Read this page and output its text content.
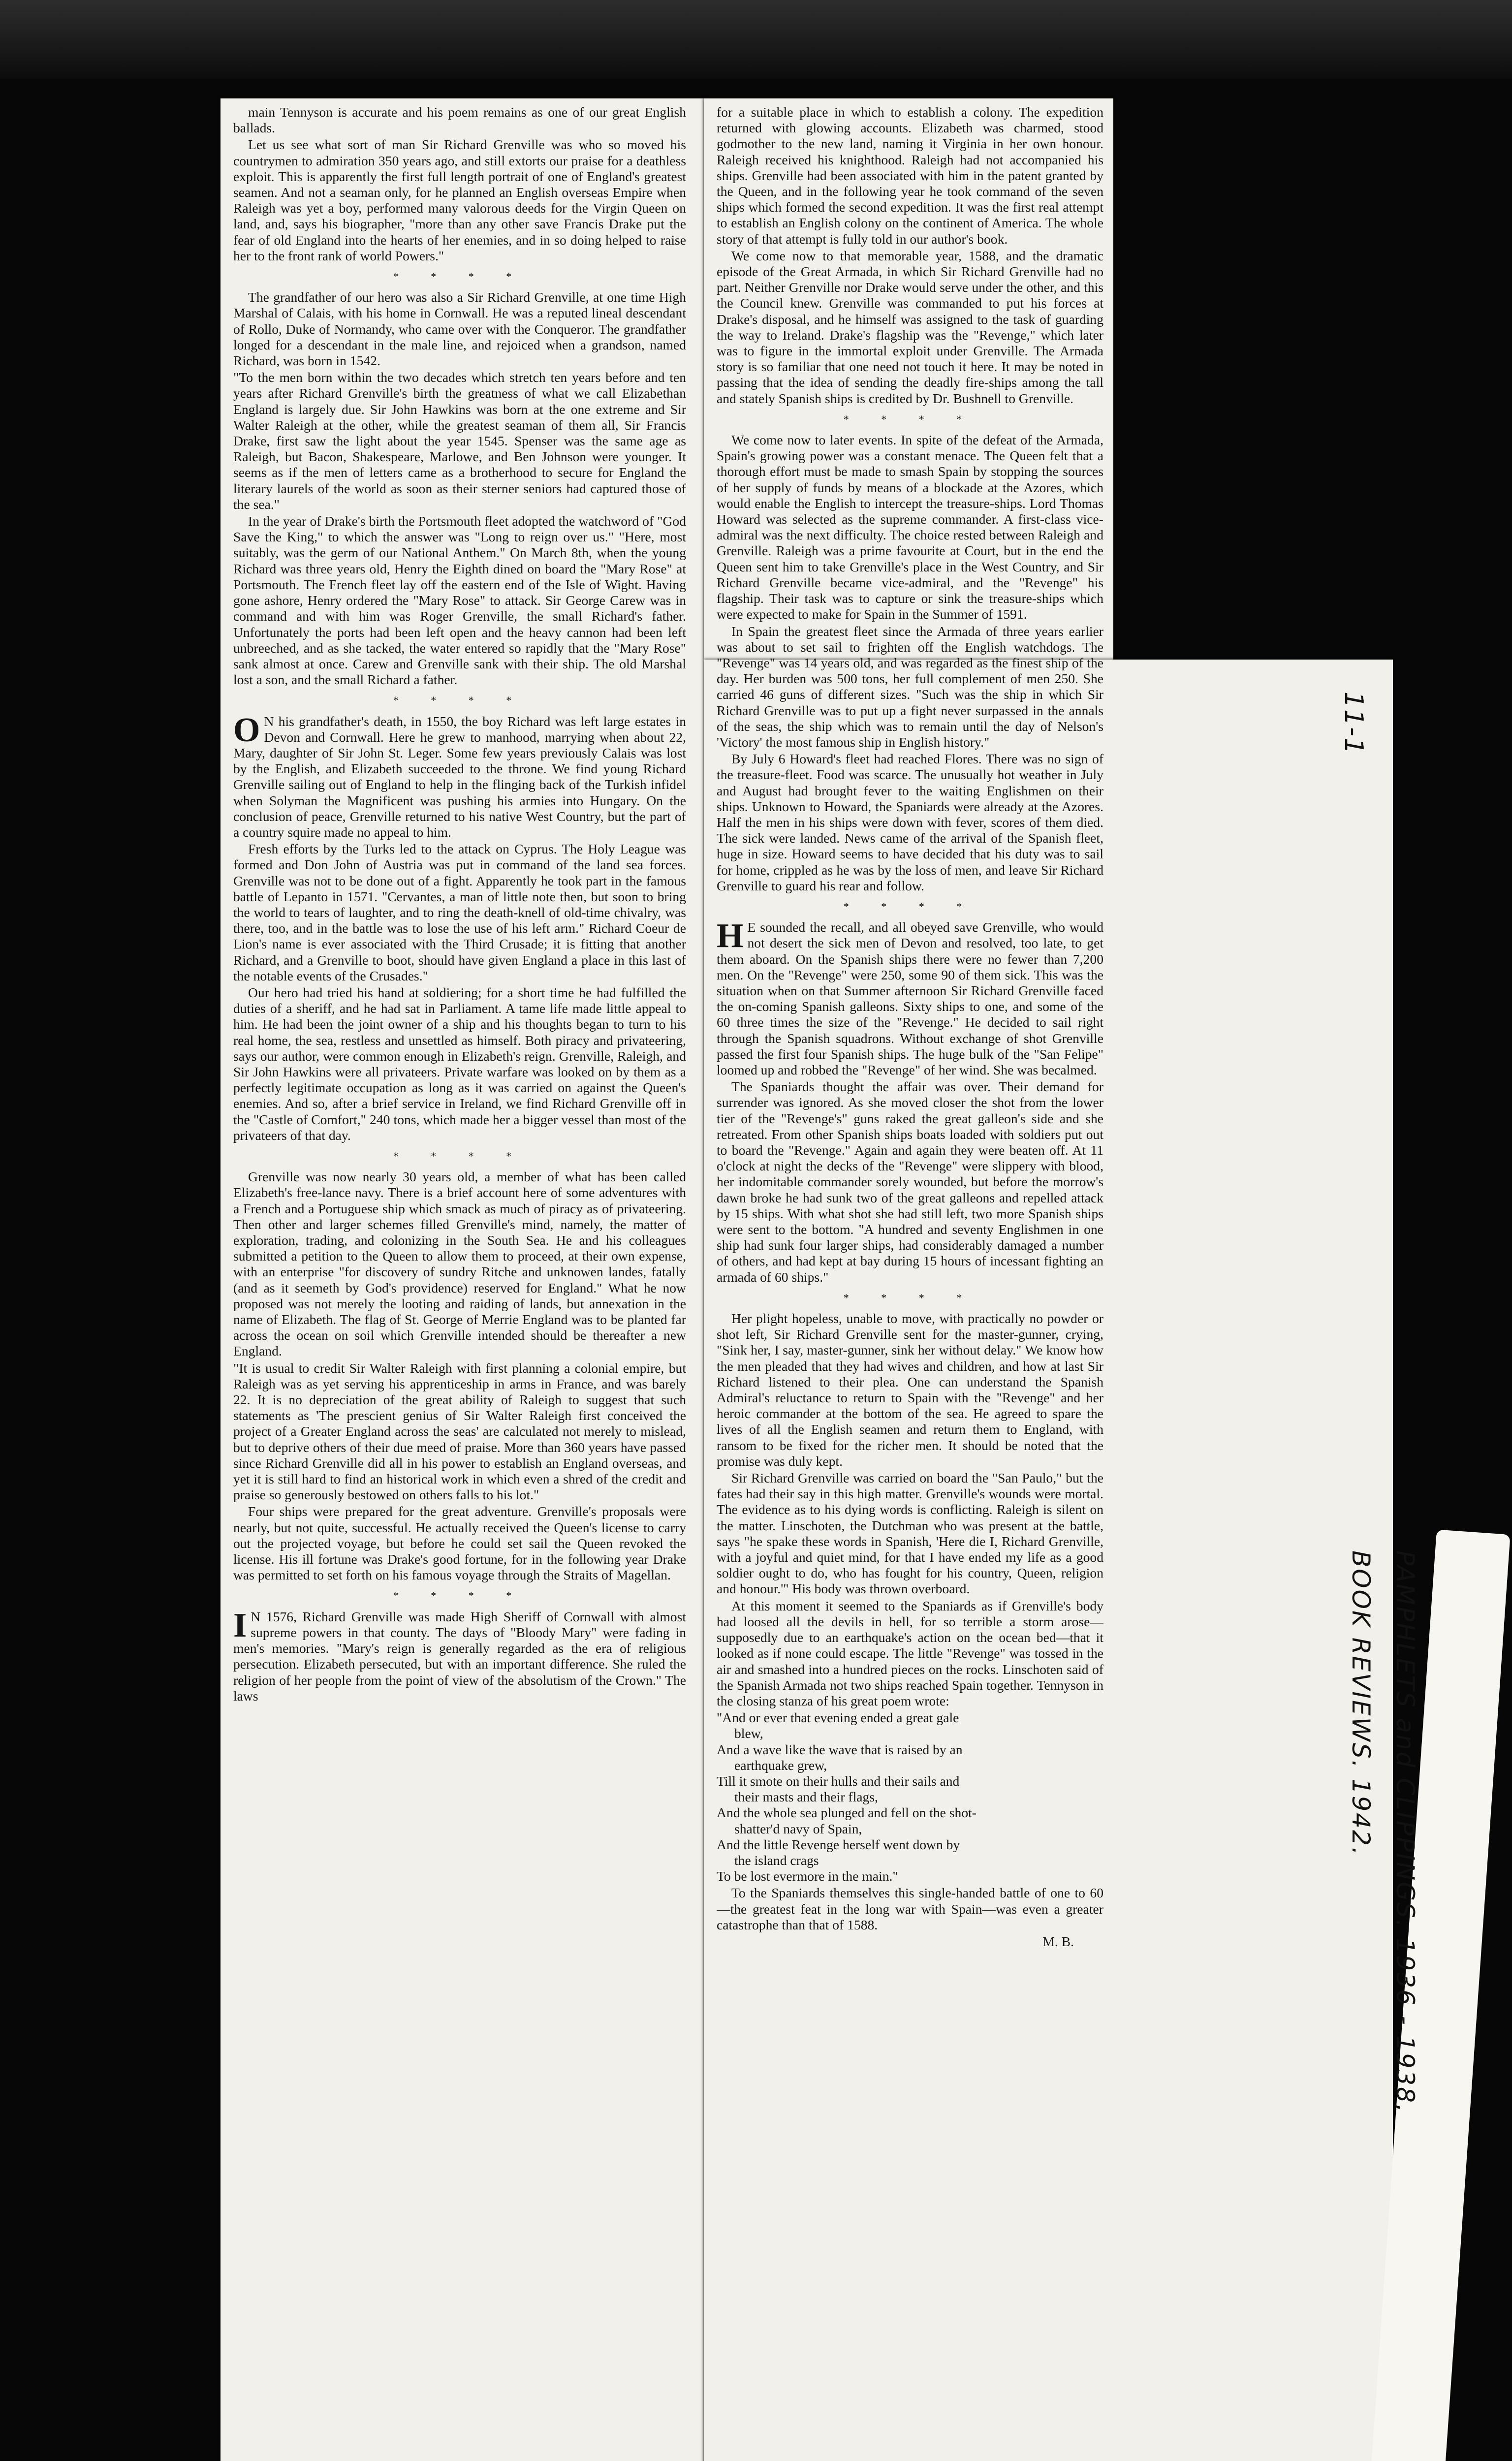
main Tennyson is accurate and his poem remains as one of our great English ballads.

Let us see what sort of man Sir Richard Grenville was who so moved his countrymen to admiration 350 years ago, and still extorts our praise for a deathless exploit. This is apparently the first full length portrait of one of England's greatest seamen. And not a seaman only, for he planned an English overseas Empire when Raleigh was yet a boy, performed many valorous deeds for the Virgin Queen on land, and, says his biographer, "more than any other save Francis Drake put the fear of old England into the hearts of her enemies, and in so doing helped to raise her to the front rank of world Powers."

* * * *

The grandfather of our hero was also a Sir Richard Grenville, at one time High Marshal of Calais, with his home in Cornwall. He was a reputed lineal descendant of Rollo, Duke of Normandy, who came over with the Conqueror. The grandfather longed for a descendant in the male line, and rejoiced when a grandson, named Richard, was born in 1542.

"To the men born within the two decades which stretch ten years before and ten years after Richard Grenville's birth the greatness of what we call Elizabethan England is largely due. Sir John Hawkins was born at the one extreme and Sir Walter Raleigh at the other, while the greatest seaman of them all, Sir Francis Drake, first saw the light about the year 1545. Spenser was the same age as Raleigh, but Bacon, Shakespeare, Marlowe, and Ben Johnson were younger. It seems as if the men of letters came as a brotherhood to secure for England the literary laurels of the world as soon as their sterner seniors had captured those of the sea."

In the year of Drake's birth the Portsmouth fleet adopted the watchword of "God Save the King," to which the answer was "Long to reign over us." "Here, most suitably, was the germ of our National Anthem." On March 8th, when the young Richard was three years old, Henry the Eighth dined on board the "Mary Rose" at Portsmouth. The French fleet lay off the eastern end of the Isle of Wight. Having gone ashore, Henry ordered the "Mary Rose" to attack. Sir George Carew was in command and with him was Roger Grenville, the small Richard's father. Unfortunately the ports had been left open and the heavy cannon had been left unbreeched, and as she tacked, the water entered so rapidly that the "Mary Rose" sank almost at once. Carew and Grenville sank with their ship. The old Marshal lost a son, and the small Richard a father.

* * * *

O N his grandfather's death, in 1550, the boy Richard was left large estates in Devon and Cornwall. Here he grew to manhood, marrying when about 22, Mary, daughter of Sir John St. Leger. Some few years previously Calais was lost by the English, and Elizabeth succeeded to the throne. We find young Richard Grenville sailing out of England to help in the flinging back of the Turkish infidel when Solyman the Magnificent was pushing his armies into Hungary. On the conclusion of peace, Grenville returned to his native West Country, but the part of a country squire made no appeal to him.

Fresh efforts by the Turks led to the attack on Cyprus. The Holy League was formed and Don John of Austria was put in command of the land sea forces. Grenville was not to be done out of a fight. Apparently he took part in the famous battle of Lepanto in 1571. "Cervantes, a man of little note then, but soon to bring the world to tears of laughter, and to ring the death-knell of old-time chivalry, was there, too, and in the battle was to lose the use of his left arm." Richard Coeur de Lion's name is ever associated with the Third Crusade; it is fitting that another Richard, and a Grenville to boot, should have given England a place in this last of the notable events of the Crusades."

Our hero had tried his hand at soldiering; for a short time he had fulfilled the duties of a sheriff, and he had sat in Parliament. A tame life made little appeal to him. He had been the joint owner of a ship and his thoughts began to turn to his real home, the sea, restless and unsettled as himself. Both piracy and privateering, says our author, were common enough in Elizabeth's reign. Grenville, Raleigh, and Sir John Hawkins were all privateers. Private warfare was looked on by them as a perfectly legitimate occupation as long as it was carried on against the Queen's enemies. And so, after a brief service in Ireland, we find Richard Grenville off in the "Castle of Comfort," 240 tons, which made her a bigger vessel than most of the privateers of that day.

* * * *

Grenville was now nearly 30 years old, a member of what has been called Elizabeth's free-lance navy. There is a brief account here of some adventures with a French and a Portuguese ship which smack as much of piracy as of privateering. Then other and larger schemes filled Grenville's mind, namely, the matter of exploration, trading, and colonizing in the South Sea. He and his colleagues submitted a petition to the Queen to allow them to proceed, at their own expense, with an enterprise "for discovery of sundry Ritche and unknowen landes, fatally (and as it seemeth by God's providence) reserved for England." What he now proposed was not merely the looting and raiding of lands, but annexation in the name of Elizabeth. The flag of St. George of Merrie England was to be planted far across the ocean on soil which Grenville intended should be thereafter a new England.

"It is usual to credit Sir Walter Raleigh with first planning a colonial empire, but Raleigh was as yet serving his apprenticeship in arms in France, and was barely 22. It is no depreciation of the great ability of Raleigh to suggest that such statements as 'The prescient genius of Sir Walter Raleigh first conceived the project of a Greater England across the seas' are calculated not merely to mislead, but to deprive others of their due meed of praise. More than 360 years have passed since Richard Grenville did all in his power to establish an England overseas, and yet it is still hard to find an historical work in which even a shred of the credit and praise so generously bestowed on others falls to his lot."

Four ships were prepared for the great adventure. Grenville's proposals were nearly, but not quite, successful. He actually received the Queen's license to carry out the projected voyage, but before he could set sail the Queen revoked the license. His ill fortune was Drake's good fortune, for in the following year Drake was permitted to set forth on his famous voyage through the Straits of Magellan.

* * * *

I N 1576, Richard Grenville was made High Sheriff of Cornwall with almost supreme powers in that county. The days of "Bloody Mary" were fading in men's memories. "Mary's reign is generally regarded as the era of religious persecution. Elizabeth persecuted, but with an important difference. She ruled the religion of her people from the point of view of the absolutism of the Crown." The laws

for a suitable place in which to establish a colony. The expedition returned with glowing accounts. Elizabeth was charmed, stood godmother to the new land, naming it Virginia in her own honour. Raleigh received his knighthood. Raleigh had not accompanied his ships. Grenville had been associated with him in the patent granted by the Queen, and in the following year he took command of the seven ships which formed the second expedition. It was the first real attempt to establish an English colony on the continent of America. The whole story of that attempt is fully told in our author's book.

We come now to that memorable year, 1588, and the dramatic episode of the Great Armada, in which Sir Richard Grenville had no part. Neither Grenville nor Drake would serve under the other, and this the Council knew. Grenville was commanded to put his forces at Drake's disposal, and he himself was assigned to the task of guarding the way to Ireland. Drake's flagship was the "Revenge," which later was to figure in the immortal exploit under Grenville. The Armada story is so familiar that one need not touch it here. It may be noted in passing that the idea of sending the deadly fire-ships among the tall and stately Spanish ships is credited by Dr. Bushnell to Grenville.

* * * *

We come now to later events. In spite of the defeat of the Armada, Spain's growing power was a constant menace. The Queen felt that a thorough effort must be made to smash Spain by stopping the sources of her supply of funds by means of a blockade at the Azores, which would enable the English to intercept the treasure-ships. Lord Thomas Howard was selected as the supreme commander. A first-class vice-admiral was the next difficulty. The choice rested between Raleigh and Grenville. Raleigh was a prime favourite at Court, but in the end the Queen sent him to take Grenville's place in the West Country, and Sir Richard Grenville became vice-admiral, and the "Revenge" his flagship. Their task was to capture or sink the treasure-ships which were expected to make for Spain in the Summer of 1591.

In Spain the greatest fleet since the Armada of three years earlier was about to set sail to frighten off the English watchdogs. The "Revenge" was 14 years old, and was regarded as the finest ship of the day. Her burden was 500 tons, her full complement of men 250. She carried 46 guns of different sizes. "Such was the ship in which Sir Richard Grenville was to put up a fight never surpassed in the annals of the seas, the ship which was to remain until the day of Nelson's 'Victory' the most famous ship in English history."

By July 6 Howard's fleet had reached Flores. There was no sign of the treasure-fleet. Food was scarce. The unusually hot weather in July and August had brought fever to the waiting Englishmen on their ships. Unknown to Howard, the Spaniards were already at the Azores. Half the men in his ships were down with fever, scores of them died. The sick were landed. News came of the arrival of the Spanish fleet, huge in size. Howard seems to have decided that his duty was to sail for home, crippled as he was by the loss of men, and leave Sir Richard Grenville to guard his rear and follow.

* * * *

H E sounded the recall, and all obeyed save Grenville, who would not desert the sick men of Devon and resolved, too late, to get them aboard. On the Spanish ships there were no fewer than 7,200 men. On the "Revenge" were 250, some 90 of them sick. This was the situation when on that Summer afternoon Sir Richard Grenville faced the on-coming Spanish galleons. Sixty ships to one, and some of the 60 three times the size of the "Revenge." He decided to sail right through the Spanish squadrons. Without exchange of shot Grenville passed the first four Spanish ships. The huge bulk of the "San Felipe" loomed up and robbed the "Revenge" of her wind. She was becalmed.

The Spaniards thought the affair was over. Their demand for surrender was ignored. As she moved closer the shot from the lower tier of the "Revenge's" guns raked the great galleon's side and she retreated. From other Spanish ships boats loaded with soldiers put out to board the "Revenge." Again and again they were beaten off. At 11 o'clock at night the decks of the "Revenge" were slippery with blood, her indomitable commander sorely wounded, but before the morrow's dawn broke he had sunk two of the great galleons and repelled attack by 15 ships. With what shot she had still left, two more Spanish ships were sent to the bottom. "A hundred and seventy Englishmen in one ship had sunk four larger ships, had considerably damaged a number of others, and had kept at bay during 15 hours of incessant fighting an armada of 60 ships."

* * * *

Her plight hopeless, unable to move, with practically no powder or shot left, Sir Richard Grenville sent for the master-gunner, crying, "Sink her, I say, master-gunner, sink her without delay." We know how the men pleaded that they had wives and children, and how at last Sir Richard listened to their plea. One can understand the Spanish Admiral's reluctance to return to Spain with the "Revenge" and her heroic commander at the bottom of the sea. He agreed to spare the lives of all the English seamen and return them to England, with ransom to be fixed for the richer men. It should be noted that the promise was duly kept.

Sir Richard Grenville was carried on board the "San Paulo," but the fates had their say in this high matter. Grenville's wounds were mortal. The evidence as to his dying words is conflicting. Raleigh is silent on the matter. Linschoten, the Dutchman who was present at the battle, says "he spake these words in Spanish, 'Here die I, Richard Grenville, with a joyful and quiet mind, for that I have ended my life as a good soldier ought to do, who has fought for his country, Queen, religion and honour.'" His body was thrown overboard.

At this moment it seemed to the Spaniards as if Grenville's body had loosed all the devils in hell, for so terrible a storm arose—supposedly due to an earthquake's action on the ocean bed—that it looked as if none could escape. The little "Revenge" was tossed in the air and smashed into a hundred pieces on the rocks. Linschoten said of the Spanish Armada not two ships reached Spain together. Tennyson in the closing stanza of his great poem wrote:

"And or ever that evening ended a great gale

blew,
And a wave like the wave that is raised by an

earthquake grew,
Till it smote on their hulls and their sails and

their masts and their flags,
And the whole sea plunged and fell on the shot-

shatter'd navy of Spain,
And the little Revenge herself went down by

the island crags
To be lost evermore in the main."

To the Spaniards themselves this single-handed battle of one to 60—the greatest feat in the long war with Spain—was even a greater catastrophe than that of 1588.

M. B.

11-1
PAMPHLETS and CLIPPINGS. 1936 - 1938,
BOOK REVIEWS. 1942.
